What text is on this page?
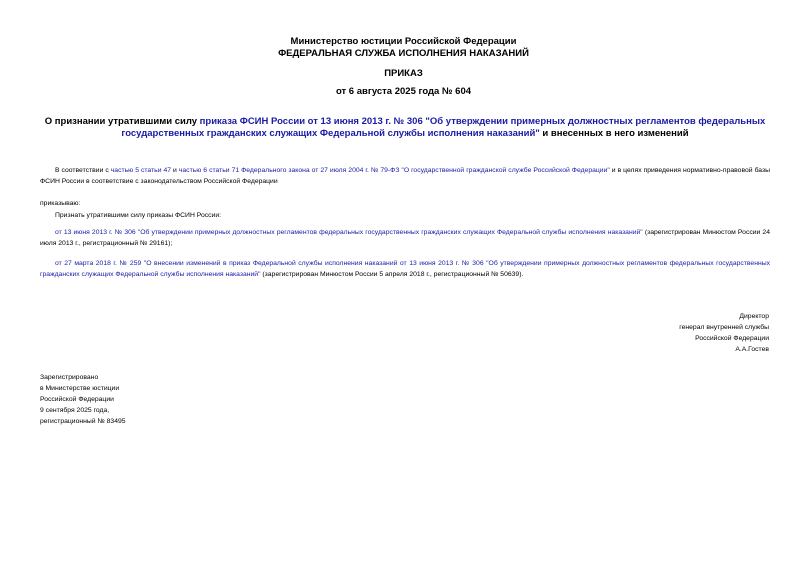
Министерство юстиции Российской Федерации
ФЕДЕРАЛЬНАЯ СЛУЖБА ИСПОЛНЕНИЯ НАКАЗАНИЙ
ПРИКАЗ
от 6 августа 2025 года № 604
О признании утратившими силу приказа ФСИН России от 13 июня 2013 г. № 306 "Об утверждении примерных должностных регламентов федеральных государственных гражданских служащих Федеральной службы исполнения наказаний" и внесенных в него изменений
В соответствии с частью 5 статьи 47 и частью 6 статьи 71 Федерального закона от 27 июля 2004 г. № 79-ФЗ "О государственной гражданской службе Российской Федерации" и в целях приведения нормативно-правовой базы ФСИН России в соответствие с законодательством Российской Федерации
приказываю:
Признать утратившими силу приказы ФСИН России:
от 13 июня 2013 г. № 306 "Об утверждении примерных должностных регламентов федеральных государственных гражданских служащих Федеральной службы исполнения наказаний" (зарегистрирован Минюстом России 24 июля 2013 г., регистрационный № 29161);
от 27 марта 2018 г. № 259 "О внесении изменений в приказ Федеральной службы исполнения наказаний от 13 июня 2013 г. № 306 "Об утверждении примерных должностных регламентов федеральных государственных гражданских служащих Федеральной службы исполнения наказаний" (зарегистрирован Минюстом России 5 апреля 2018 г., регистрационный № 50639).
Директор
генерал внутренней службы
Российской Федерации
А.А.Гостев
Зарегистрировано
в Министерстве юстиции
Российской Федерации
9 сентября 2025 года,
регистрационный № 83495
